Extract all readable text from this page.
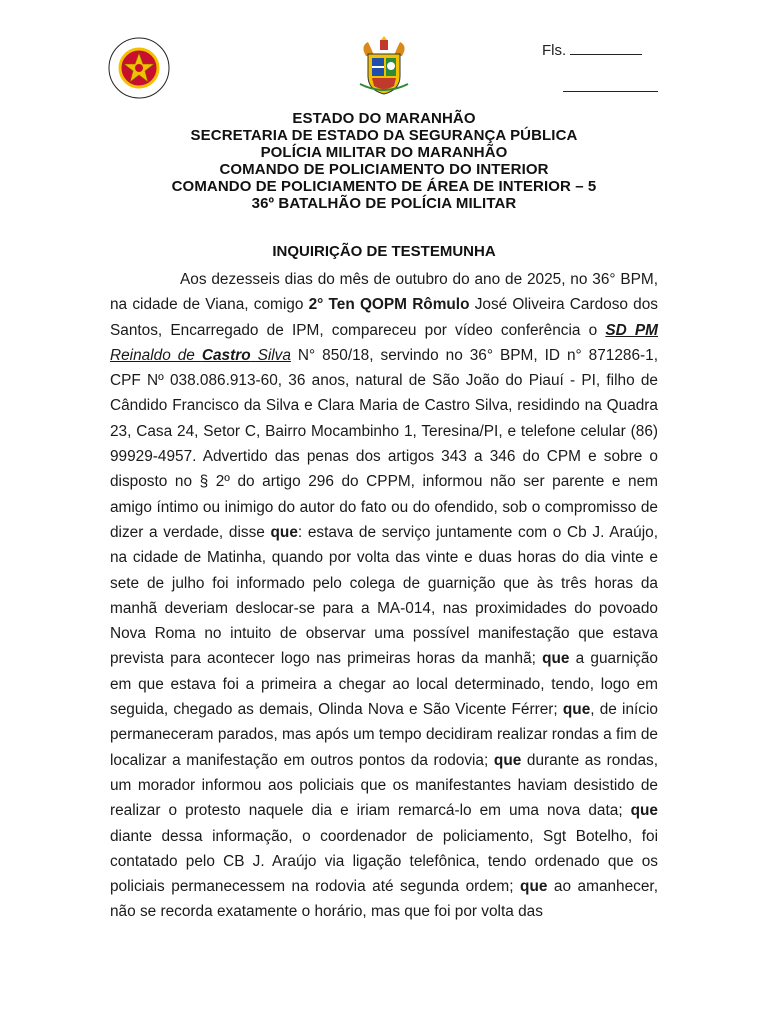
Fls.
ESTADO DO MARANHÃO
SECRETARIA DE ESTADO DA SEGURANÇA PÚBLICA
POLÍCIA MILITAR DO MARANHÃO
COMANDO DE POLICIAMENTO DO INTERIOR
COMANDO DE POLICIAMENTO DE ÁREA DE INTERIOR – 5
36º BATALHÃO DE POLÍCIA MILITAR
INQUIRIÇÃO DE TESTEMUNHA

Aos dezesseis dias do mês de outubro do ano de 2025, no 36° BPM, na cidade de Viana, comigo 2° Ten QOPM Rômulo José Oliveira Cardoso dos Santos, Encarregado de IPM, compareceu por vídeo conferência o SD PM Reinaldo de Castro Silva N° 850/18, servindo no 36° BPM, ID n° 871286-1, CPF Nº 038.086.913-60, 36 anos, natural de São João do Piauí - PI, filho de Cândido Francisco da Silva e Clara Maria de Castro Silva, residindo na Quadra 23, Casa 24, Setor C, Bairro Mocambinho 1, Teresina/PI, e telefone celular (86) 99929-4957. Advertido das penas dos artigos 343 a 346 do CPM e sobre o disposto no § 2º do artigo 296 do CPPM, informou não ser parente e nem amigo íntimo ou inimigo do autor do fato ou do ofendido, sob o compromisso de dizer a verdade, disse que: estava de serviço juntamente com o Cb J. Araújo, na cidade de Matinha, quando por volta das vinte e duas horas do dia vinte e sete de julho foi informado pelo colega de guarnição que às três horas da manhã deveriam deslocar-se para a MA-014, nas proximidades do povoado Nova Roma no intuito de observar uma possível manifestação que estava prevista para acontecer logo nas primeiras horas da manhã; que a guarnição em que estava foi a primeira a chegar ao local determinado, tendo, logo em seguida, chegado as demais, Olinda Nova e São Vicente Férrer; que, de início permaneceram parados, mas após um tempo decidiram realizar rondas a fim de localizar a manifestação em outros pontos da rodovia; que durante as rondas, um morador informou aos policiais que os manifestantes haviam desistido de realizar o protesto naquele dia e iriam remarcá-lo em uma nova data; que diante dessa informação, o coordenador de policiamento, Sgt Botelho, foi contatado pelo CB J. Araújo via ligação telefônica, tendo ordenado que os policiais permanecessem na rodovia até segunda ordem; que ao amanhecer, não se recorda exatamente o horário, mas que foi por volta das
